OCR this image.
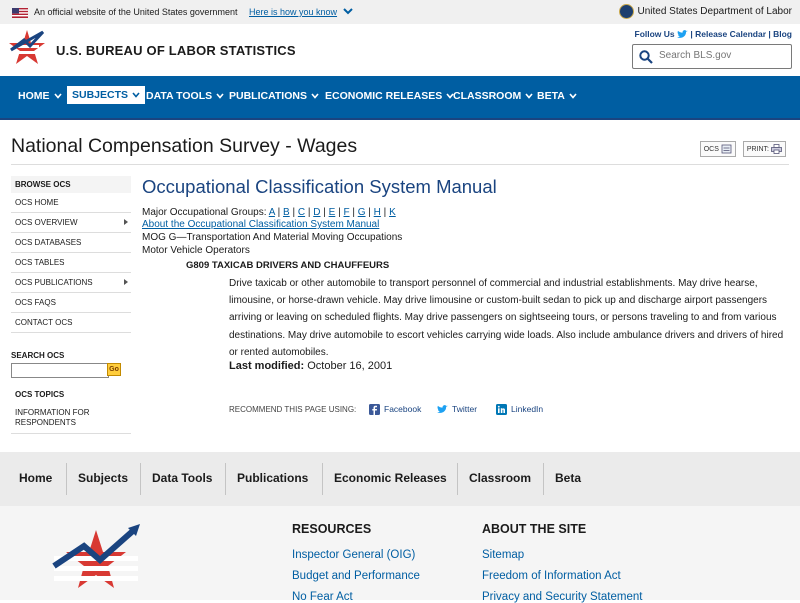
An official website of the United States government Here is how you know	United States Department of Labor
U.S. BUREAU OF LABOR STATISTICS
Follow Us  | Release Calendar | Blog
Search BLS.gov
HOME	SUBJECTS	DATA TOOLS	PUBLICATIONS	ECONOMIC RELEASES	CLASSROOM	BETA
National Compensation Survey - Wages	OCS	PRINT:
BROWSE OCS
OCS HOME
OCS OVERVIEW
OCS DATABASES
OCS TABLES
OCS PUBLICATIONS
OCS FAQS
CONTACT OCS
SEARCH OCS
Go
OCS TOPICS
INFORMATION FOR RESPONDENTS
Occupational Classification System Manual
Major Occupational Groups: A | B | C | D | E | F | G | H | K
About the Occupational Classification System Manual
MOG G—Transportation And Material Moving Occupations
Motor Vehicle Operators
G809 TAXICAB DRIVERS AND CHAUFFEURS
Drive taxicab or other automobile to transport personnel of commercial and industrial establishments. May drive hearse, limousine, or horse-drawn vehicle. May drive limousine or custom-built sedan to pick up and discharge airport passengers arriving or leaving on scheduled flights. May drive passengers on sightseeing tours, or persons traveling to and from various destinations. May drive automobile to escort vehicles carrying wide loads. Also include ambulance drivers and drivers of hired or rented automobiles.
Last modified: October 16, 2001
RECOMMEND THIS PAGE USING:	Facebook	Twitter	LinkedIn
Home Subjects Data Tools Publications Economic Releases Classroom Beta
RESOURCES
Inspector General (OIG)
Budget and Performance
No Fear Act
ABOUT THE SITE
Sitemap
Freedom of Information Act
Privacy and Security Statement
